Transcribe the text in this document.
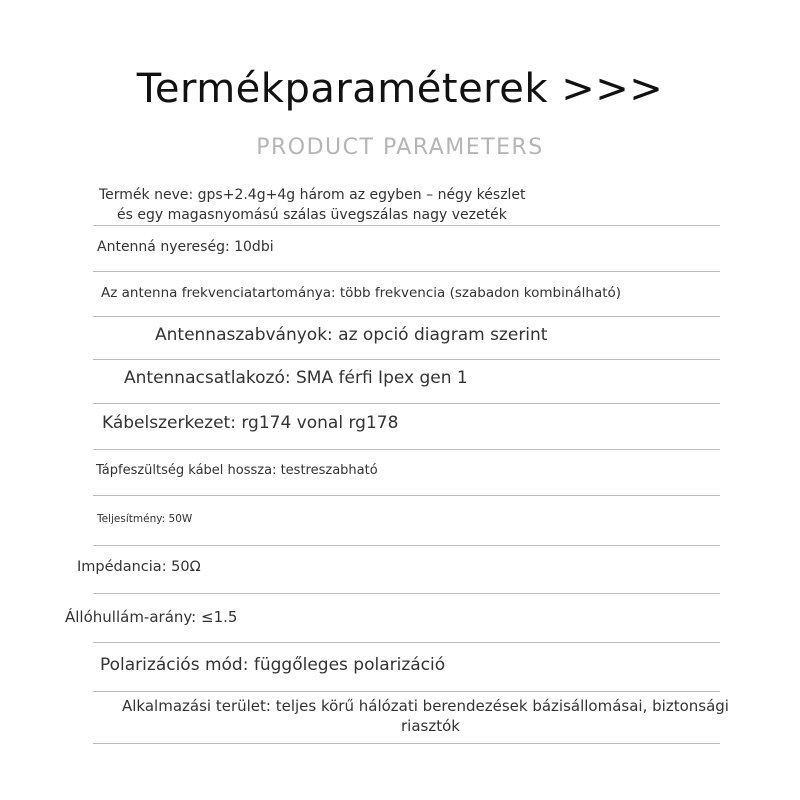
Termékparaméterek >>>
PRODUCT PARAMETERS
Termék neve: gps+2.4g+4g három az egyben – négy készlet
és egy magasnyomású szálas üvegszálas nagy vezeték
Antenná nyereség: 10dbi
Az antenna frekvenciatartománya: több frekvencia (szabadon kombinálható)
Antennaszabványok: az opció diagram szerint
Antennacsatlakozó: SMA férfi Ipex gen 1
Kábelszerkezet: rg174 vonal rg178
Tápfeszültség kábel hossza: testreszabható
Teljesítmény: 50W
Impédancia: 50Ω
Állóhullám-arány: ≤1.5
Polarizációs mód: függőleges polarizáció
Alkalmazási terület: teljes körű hálózati berendezések bázisállomásai, biztonsági
riasztók
